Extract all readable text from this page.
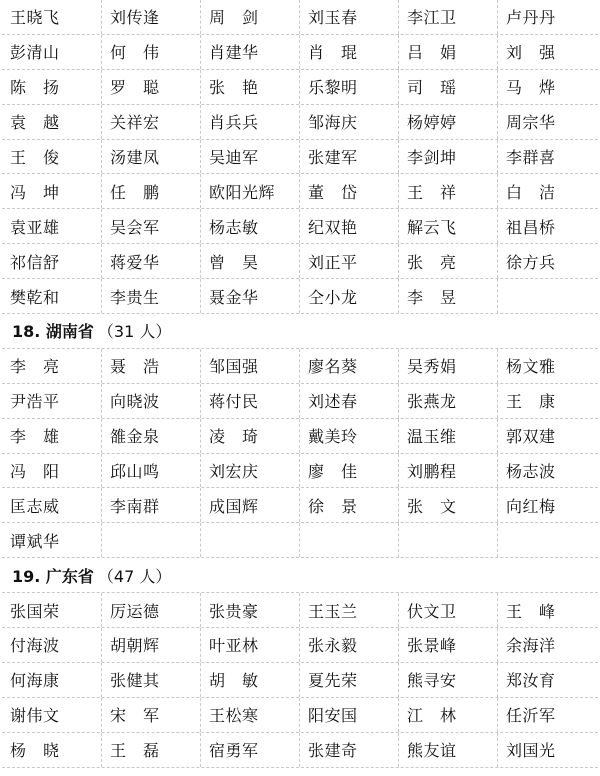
王晓飞	刘传逢	周　剑	刘玉春	李江卫	卢丹丹
彭清山	何　伟	肖建华	肖　琨	吕　娟	刘　强
陈　扬	罗　聪	张　艳	乐黎明	司　瑶	马　烨
袁　越	关祥宏	肖兵兵	邹海庆	杨婷婷	周宗华
王　俊	汤建凤	吴迪军	张建军	李剑坤	李群喜
冯　坤	任　鹏	欧阳光辉	董　岱	王　祥	白　洁
袁亚雄	吴会军	杨志敏	纪双艳	解云飞	祖昌桥
祁信舒	蒋爱华	曾　昊	刘正平	张　亮	徐方兵
樊乾和	李贵生	聂金华	仝小龙	李　昱
18. 湖南省 （31 人）
李　亮	聂　浩	邹国强	廖名葵	吴秀娟	杨文雅
尹浩平	向晓波	蒋付民	刘述春	张燕龙	王　康
李　雄	雒金泉	凌　琦	戴美玲	温玉维	郭双建
冯　阳	邱山鸣	刘宏庆	廖　佳	刘鹏程	杨志波
匡志威	李南群	成国辉	徐　景	张　文	向红梅
谭斌华
19. 广东省 （47 人）
张国荣	厉运德	张贵豪	王玉兰	伏文卫	王　峰
付海波	胡朝辉	叶亚林	张永毅	张景峰	余海洋
何海康	张健其	胡　敏	夏先荣	熊寻安	郑汝育
谢伟文	宋　军	王松寒	阳安国	江　林	任沂军
杨　晓	王　磊	宿勇军	张建奇	熊友谊	刘国光
